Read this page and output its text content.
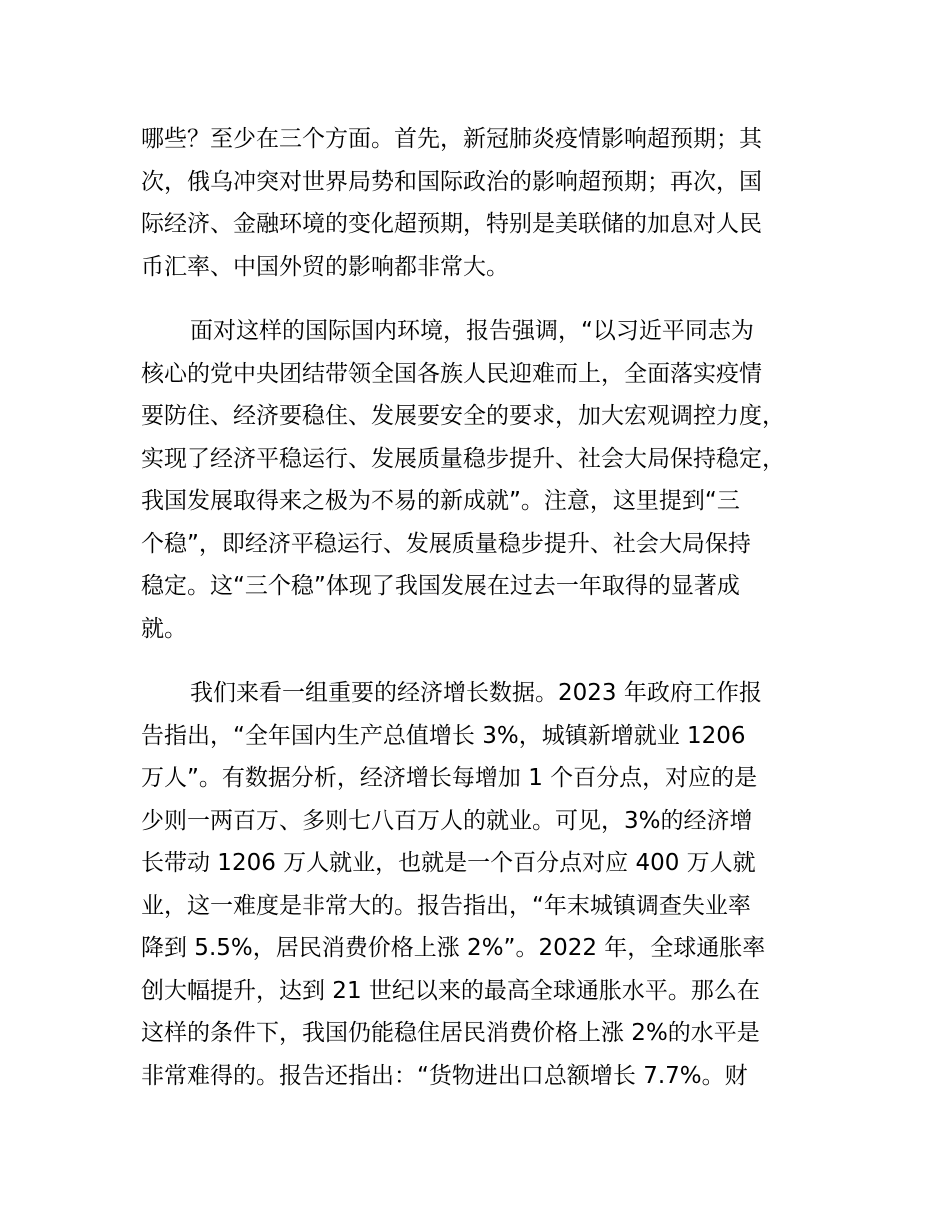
哪些？至少在三个方面。首先，新冠肺炎疫情影响超预期；其
次，俄乌冲突对世界局势和国际政治的影响超预期；再次，国
际经济、金融环境的变化超预期，特别是美联储的加息对人民
币汇率、中国外贸的影响都非常大。
面对这样的国际国内环境，报告强调，“以习近平同志为
核心的党中央团结带领全国各族人民迎难而上，全面落实疫情
要防住、经济要稳住、发展要安全的要求，加大宏观调控力度，
实现了经济平稳运行、发展质量稳步提升、社会大局保持稳定，
我国发展取得来之极为不易的新成就”。注意，这里提到“三
个稳”，即经济平稳运行、发展质量稳步提升、社会大局保持
稳定。这“三个稳”体现了我国发展在过去一年取得的显著成
就。
我们来看一组重要的经济增长数据。2023 年政府工作报
告指出，“全年国内生产总值增长 3%，城镇新增就业 1206
万人”。有数据分析，经济增长每增加 1 个百分点，对应的是
少则一两百万、多则七八百万人的就业。可见，3%的经济增
长带动 1206 万人就业，也就是一个百分点对应 400 万人就
业，这一难度是非常大的。报告指出，“年末城镇调查失业率
降到 5.5%，居民消费价格上涨 2%”。2022 年，全球通胀率
创大幅提升，达到 21 世纪以来的最高全球通胀水平。那么在
这样的条件下，我国仍能稳住居民消费价格上涨 2%的水平是
非常难得的。报告还指出：“货物进出口总额增长 7.7%。财
